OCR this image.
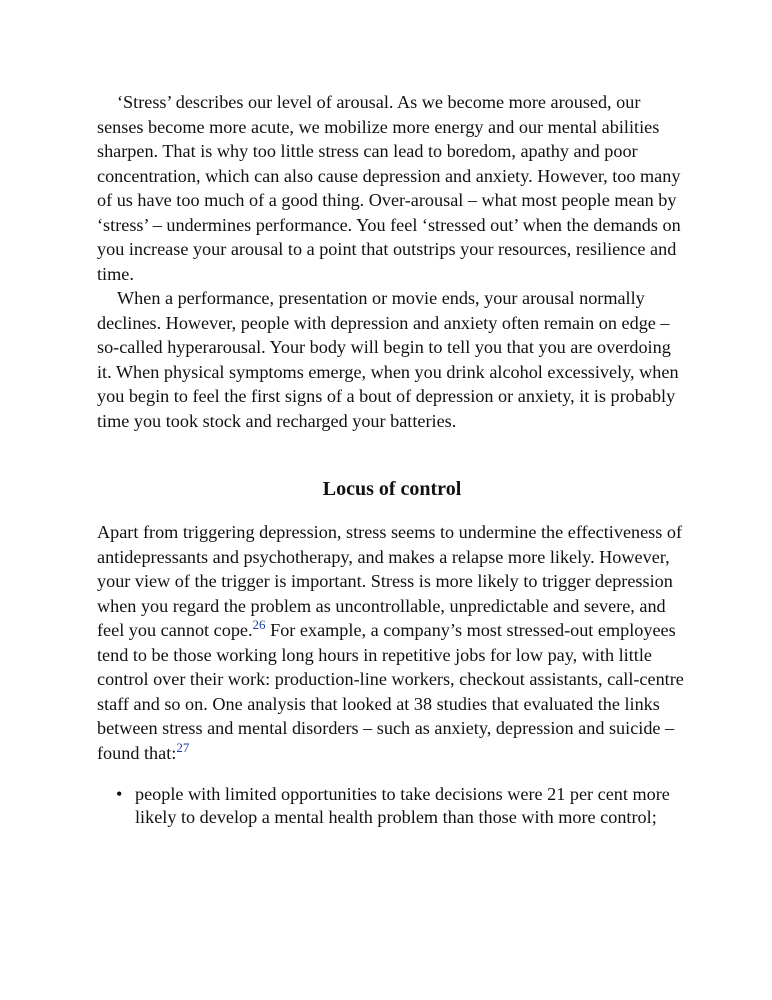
‘Stress’ describes our level of arousal. As we become more aroused, our senses become more acute, we mobilize more energy and our mental abilities sharpen. That is why too little stress can lead to boredom, apathy and poor concentration, which can also cause depression and anxiety. However, too many of us have too much of a good thing. Over-arousal – what most people mean by ‘stress’ – undermines performance. You feel ‘stressed out’ when the demands on you increase your arousal to a point that outstrips your resources, resilience and time.

When a performance, presentation or movie ends, your arousal normally declines. However, people with depression and anxiety often remain on edge – so-called hyperarousal. Your body will begin to tell you that you are overdoing it. When physical symptoms emerge, when you drink alcohol excessively, when you begin to feel the first signs of a bout of depression or anxiety, it is probably time you took stock and recharged your batteries.

Locus of control

Apart from triggering depression, stress seems to undermine the effectiveness of antidepressants and psychotherapy, and makes a relapse more likely. However, your view of the trigger is important. Stress is more likely to trigger depression when you regard the problem as uncontrollable, unpredictable and severe, and feel you cannot cope.$^{26}$ For example, a company’s most stressed-out employees tend to be those working long hours in repetitive jobs for low pay, with little control over their work: production-line workers, checkout assistants, call-centre staff and so on. One analysis that looked at 38 studies that evaluated the links between stress and mental disorders – such as anxiety, depression and suicide – found that:$^{27}$

• people with limited opportunities to take decisions were 21 per cent more likely to develop a mental health problem than those with more control;
